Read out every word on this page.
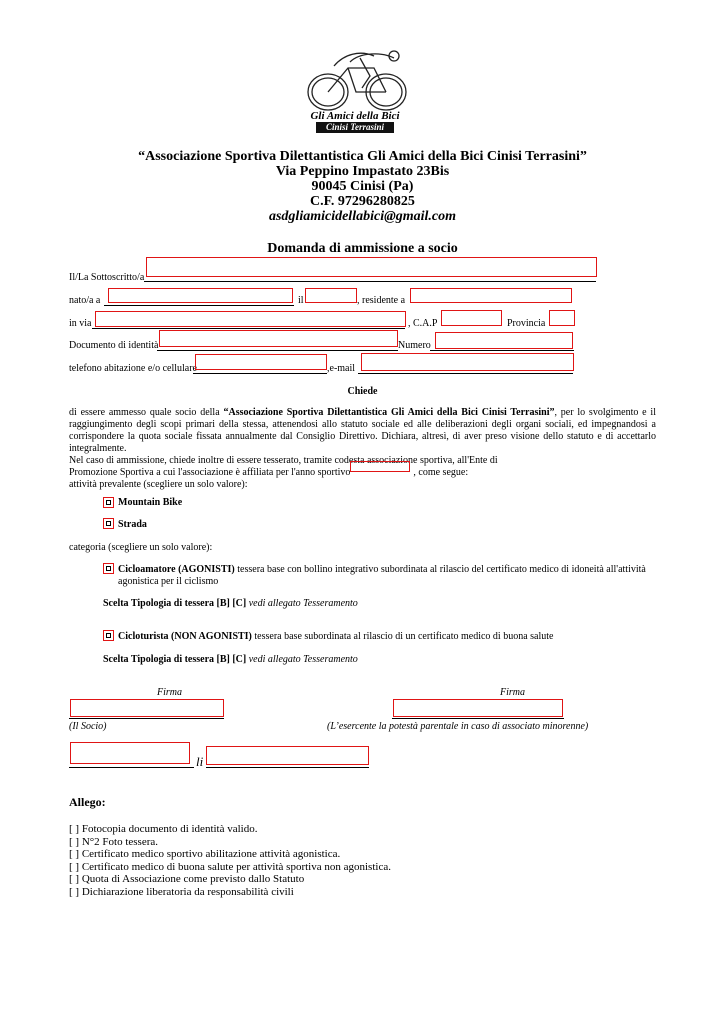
Gli Amici della Bici
Cinisi Terrasini
“Associazione Sportiva Dilettantistica Gli Amici della Bici Cinisi Terrasini”
Via Peppino Impastato 23Bis
90045 Cinisi (Pa)
C.F. 97296280825
asdgliamicidellabici@gmail.com
Domanda di ammissione a socio
Il/La Sottoscritto/a
nato/a a	il	, residente a
in via	, C.A.P	Provincia
Documento di identità	Numero
telefono abitazione e/o cellulare	,e-mail
Chiede

di essere ammesso quale socio della “Associazione Sportiva Dilettantistica Gli Amici della Bici Cinisi Terrasini”, per lo svolgimento e il raggiungimento degli scopi primari della stessa, attenendosi allo statuto sociale ed alle deliberazioni degli organi sociali, ed impegnandosi a corrispondere la quota sociale fissata annualmente dal Consiglio Direttivo. Dichiara, altresì, di aver preso visione dello statuto e di accettarlo integralmente.

Nel caso di ammissione, chiede inoltre di essere tesserato, tramite codesta associazione sportiva, all'Ente di
Promozione Sportiva a cui l'associazione è affiliata per l'anno sportivo	, come segue:
attività prevalente (scegliere un solo valore):
Mountain Bike
Strada
categoria (scegliere un solo valore):
Cicloamatore (AGONISTI) tessera base con bollino integrativo subordinata al rilascio del certificato medico di idoneità all'attività
agonistica per il ciclismo
Scelta Tipologia di tessera [B] [C] vedi allegato Tesseramento
Cicloturista (NON AGONISTI) tessera base subordinata al rilascio di un certificato medico di buona salute
Scelta Tipologia di tessera [B] [C] vedi allegato Tesseramento
Firma	Firma
(Il Socio)	(L’esercente la potestà parentale in caso di associato minorenne)
li
Allego:
[ ] Fotocopia documento di identità valido.
[ ] N°2 Foto tessera.
[ ] Certificato medico sportivo abilitazione attività agonistica.
[ ] Certificato medico di buona salute per attività sportiva non agonistica.
[ ] Quota di Associazione come previsto dallo Statuto
[ ] Dichiarazione liberatoria da responsabilità civili
